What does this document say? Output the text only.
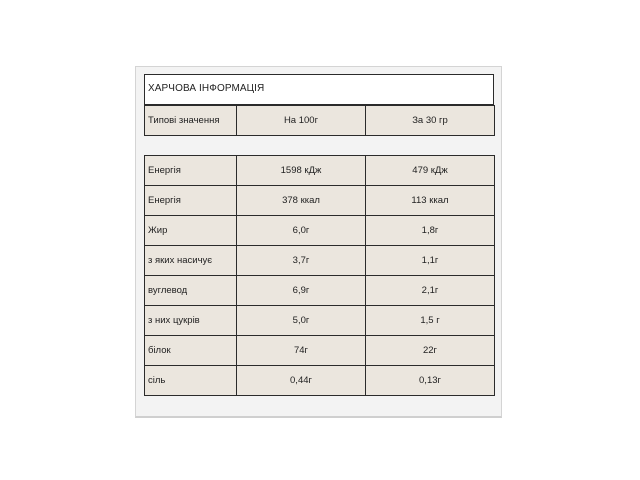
ХАРЧОВА ІНФОРМАЦІЯ
Типові значення	На 100г	За 30 гр
Енергія	1598 кДж	479 кДж
Енергія	378 ккал	113 ккал
Жир	6,0г	1,8г
з яких насичує	3,7г	1,1г
вуглевод	6,9г	2,1г
з них цукрів	5,0г	1,5 г
білок	74г	22г
сіль	0,44г	0,13г
